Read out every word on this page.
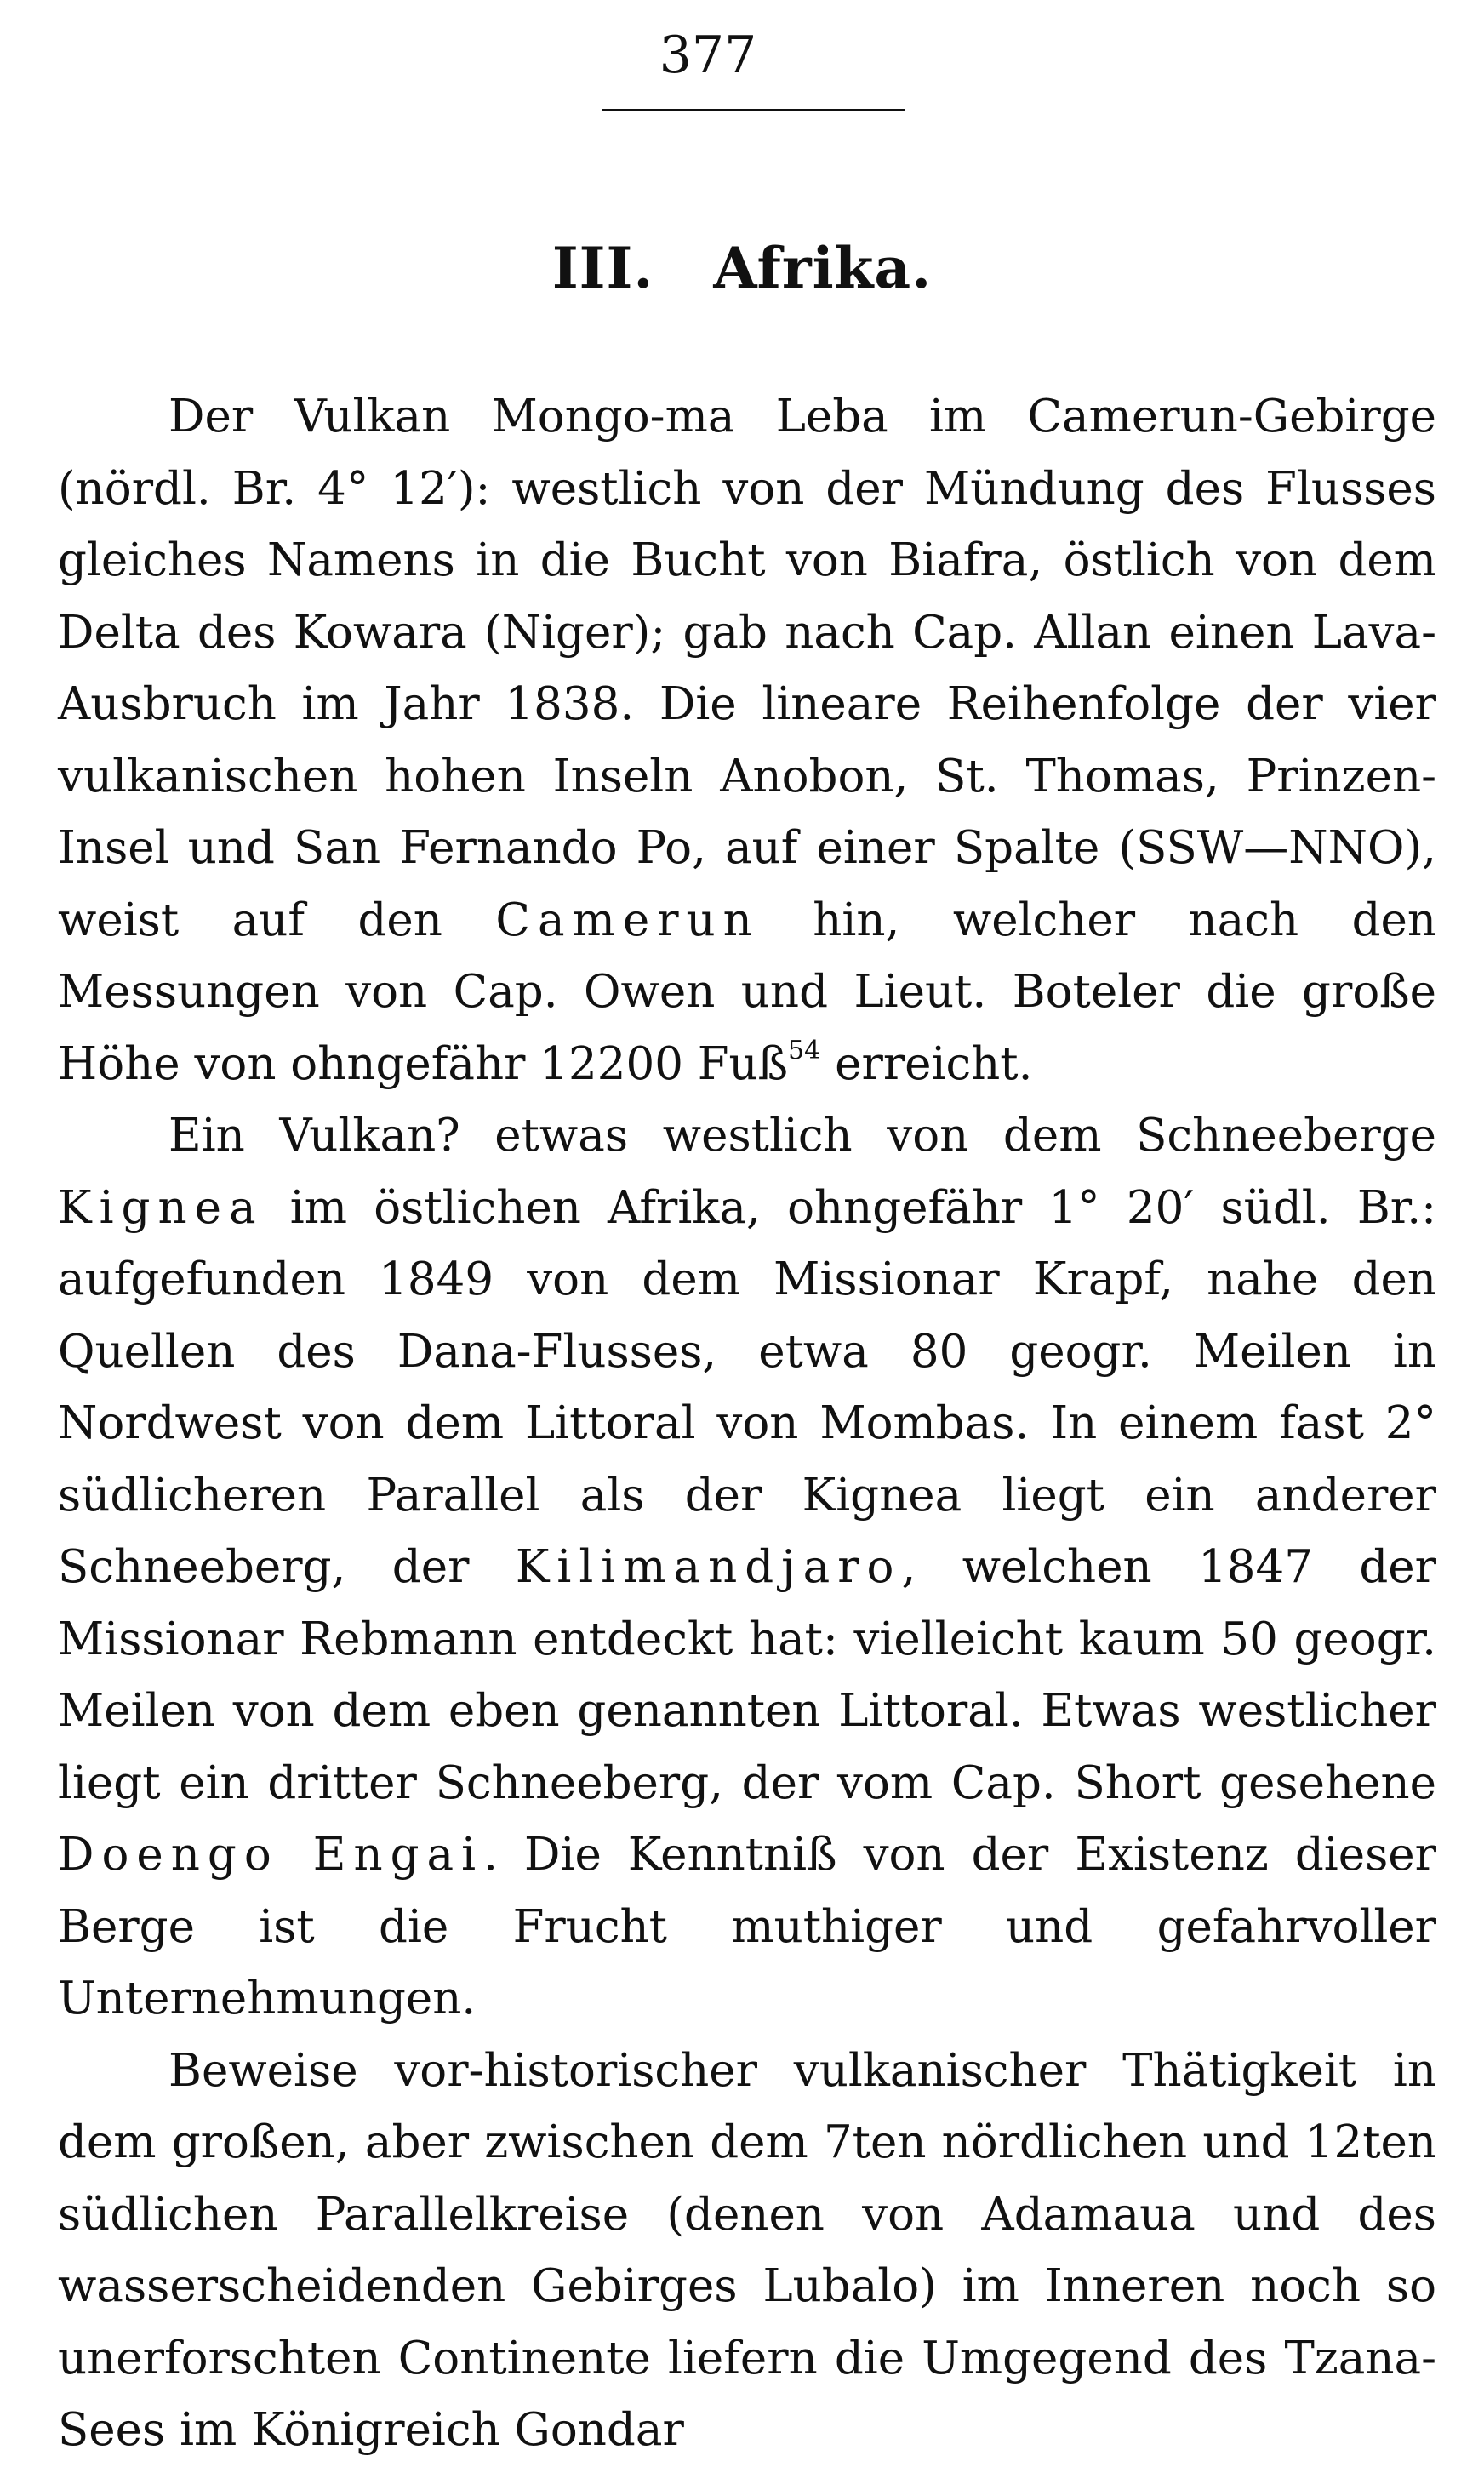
377
III. Afrika.

Der Vulkan Mongo-ma Leba im Camerun-Gebirge (nördl. Br. 4° 12′): westlich von der Mündung des Flusses gleiches Namens in die Bucht von Biafra, östlich von dem Delta des Kowara (Niger); gab nach Cap. Allan einen Lava-Ausbruch im Jahr 1838. Die lineare Reihenfolge der vier vulkanischen hohen Inseln Anobon, St. Thomas, Prinzen-Insel und San Fernando Po, auf einer Spalte (SSW—NNO), weist auf den Camerun hin, welcher nach den Messungen von Cap. Owen und Lieut. Boteler die große Höhe von ohngefähr 12200 Fuß$^{54}$ erreicht.

Ein Vulkan? etwas westlich von dem Schneeberge Kignea im östlichen Afrika, ohngefähr 1° 20′ südl. Br.: aufgefunden 1849 von dem Missionar Krapf, nahe den Quellen des Dana-Flusses, etwa 80 geogr. Meilen in Nordwest von dem Littoral von Mombas. In einem fast 2° südlicheren Parallel als der Kignea liegt ein anderer Schneeberg, der Kilimandjaro, welchen 1847 der Missionar Rebmann entdeckt hat: vielleicht kaum 50 geogr. Meilen von dem eben genannten Littoral. Etwas westlicher liegt ein dritter Schneeberg, der vom Cap. Short gesehene Doengo Engai. Die Kenntniß von der Existenz dieser Berge ist die Frucht muthiger und gefahrvoller Unternehmungen.

Beweise vor-historischer vulkanischer Thätigkeit in dem großen, aber zwischen dem 7ten nördlichen und 12ten südlichen Parallelkreise (denen von Adamaua und des wasserscheidenden Gebirges Lubalo) im Inneren noch so unerforschten Continente liefern die Umgegend des Tzana-Sees im Königreich Gondar
